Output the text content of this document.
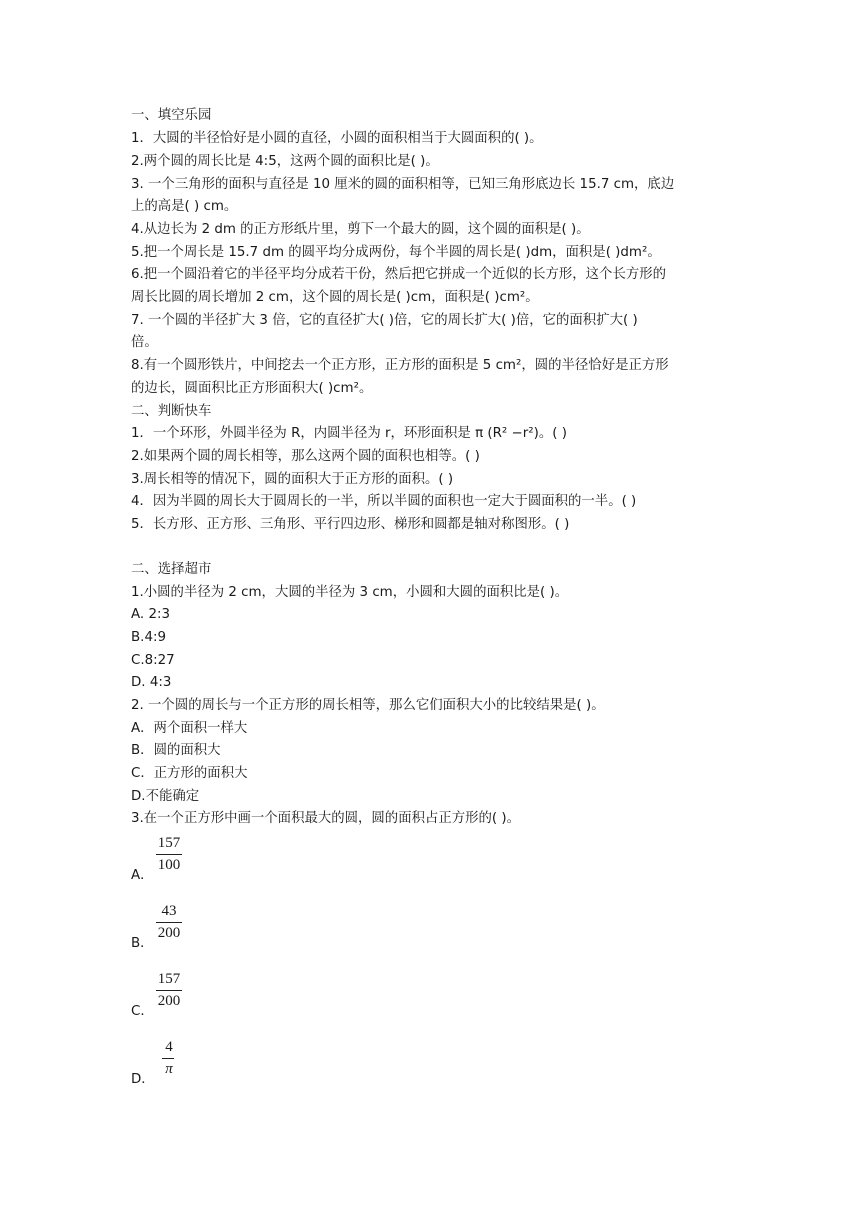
一、填空乐园
1．大圆的半径恰好是小圆的直径，小圆的面积相当于大圆面积的( )。
2.两个圆的周长比是 4:5，这两个圆的面积比是( )。
3. 一个三角形的面积与直径是 10 厘米的圆的面积相等，已知三角形底边长 15.7 cm，底边
上的高是( ) cm。
4.从边长为 2 dm 的正方形纸片里，剪下一个最大的圆，这个圆的面积是( )。
5.把一个周长是 15.7 dm 的圆平均分成两份，每个半圆的周长是( )dm，面积是( )dm²。
6.把一个圆沿着它的半径平均分成若干份，然后把它拼成一个近似的长方形，这个长方形的
周长比圆的周长增加 2 cm，这个圆的周长是( )cm，面积是( )cm²。
7. 一个圆的半径扩大 3 倍，它的直径扩大( )倍，它的周长扩大( )倍，它的面积扩大( )
倍。
8.有一个圆形铁片，中间挖去一个正方形，正方形的面积是 5 cm²，圆的半径恰好是正方形
的边长，圆面积比正方形面积大( )cm²。
二、判断快车
1．一个环形，外圆半径为 R，内圆半径为 r，环形面积是 π (R² −r²)。( )
2.如果两个圆的周长相等，那么这两个圆的面积也相等。( )
3.周长相等的情况下，圆的面积大于正方形的面积。( )
4．因为半圆的周长大于圆周长的一半，所以半圆的面积也一定大于圆面积的一半。( )
5．长方形、正方形、三角形、平行四边形、梯形和圆都是轴对称图形。( )
二、选择超市
1.小圆的半径为 2 cm，大圆的半径为 3 cm，小圆和大圆的面积比是( )。
A. 2:3
B.4:9
C.8:27
D. 4:3
2. 一个圆的周长与一个正方形的周长相等，那么它们面积大小的比较结果是( )。
A．两个面积一样大
B．圆的面积大
C．正方形的面积大
D.不能确定
3.在一个正方形中画一个面积最大的圆，圆的面积占正方形的( )。
157
100
A．
43
200
B．
157
200
C．
4
π
D．
